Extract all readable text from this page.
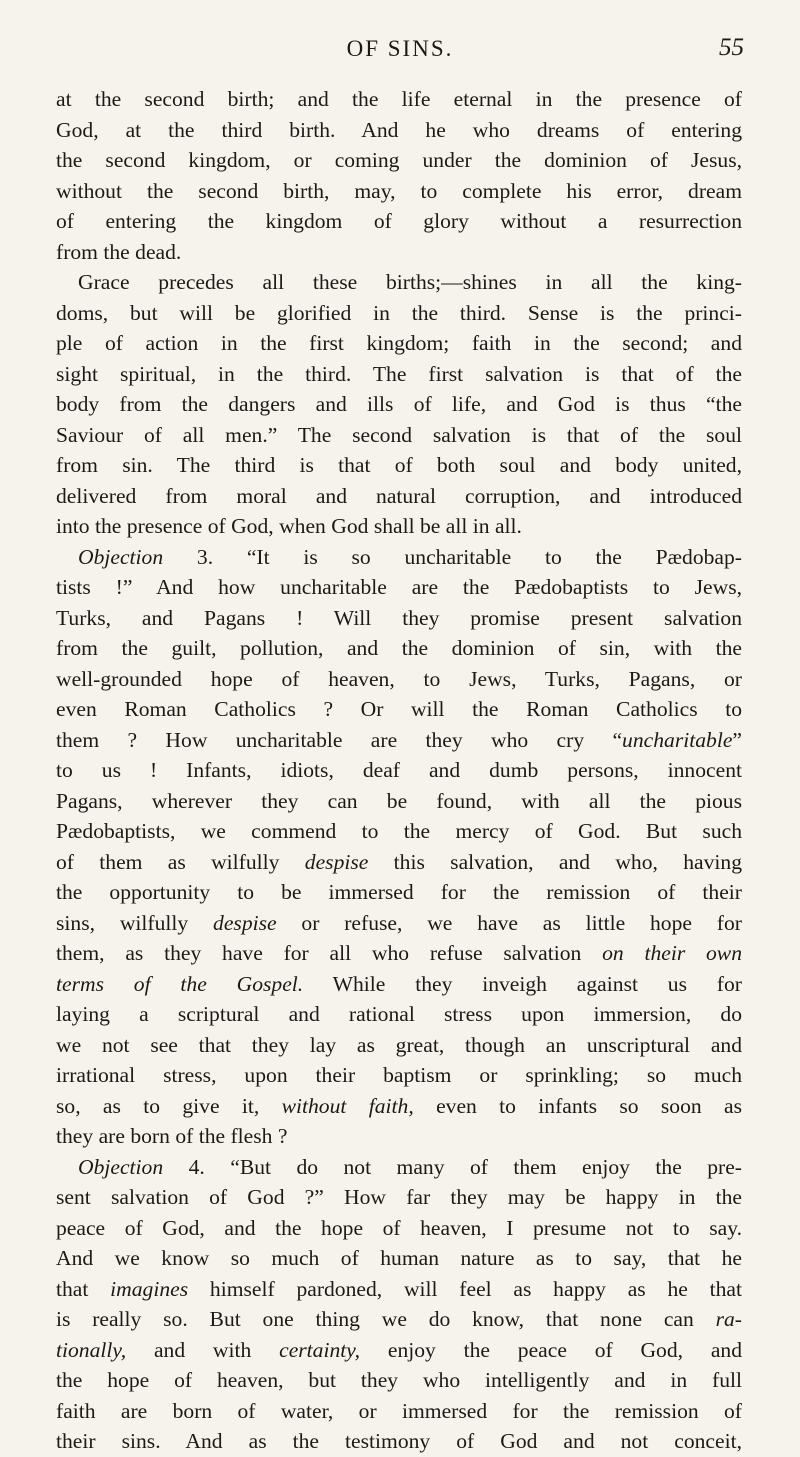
OF SINS.	55
at the second birth; and the life eternal in the presence of
God, at the third birth. And he who dreams of entering
the second kingdom, or coming under the dominion of Jesus,
without the second birth, may, to complete his error, dream
of entering the kingdom of glory without a resurrection
from the dead.
Grace precedes all these births;—shines in all the king-
doms, but will be glorified in the third. Sense is the princi-
ple of action in the first kingdom; faith in the second; and
sight spiritual, in the third. The first salvation is that of the
body from the dangers and ills of life, and God is thus “the
Saviour of all men.” The second salvation is that of the soul
from sin. The third is that of both soul and body united,
delivered from moral and natural corruption, and introduced
into the presence of God, when God shall be all in all.
Objection 3. “It is so uncharitable to the Pædobap-
tists !” And how uncharitable are the Pædobaptists to Jews,
Turks, and Pagans ! Will they promise present salvation
from the guilt, pollution, and the dominion of sin, with the
well-grounded hope of heaven, to Jews, Turks, Pagans, or
even Roman Catholics ? Or will the Roman Catholics to
them ? How uncharitable are they who cry “uncharitable”
to us ! Infants, idiots, deaf and dumb persons, innocent
Pagans, wherever they can be found, with all the pious
Pædobaptists, we commend to the mercy of God. But such
of them as wilfully despise this salvation, and who, having
the opportunity to be immersed for the remission of their
sins, wilfully despise or refuse, we have as little hope for
them, as they have for all who refuse salvation on their own
terms of the Gospel. While they inveigh against us for
laying a scriptural and rational stress upon immersion, do
we not see that they lay as great, though an unscriptural and
irrational stress, upon their baptism or sprinkling; so much
so, as to give it, without faith, even to infants so soon as
they are born of the flesh ?
Objection 4. “But do not many of them enjoy the pre-
sent salvation of God ?” How far they may be happy in the
peace of God, and the hope of heaven, I presume not to say.
And we know so much of human nature as to say, that he
that imagines himself pardoned, will feel as happy as he that
is really so. But one thing we do know, that none can ra-
tionally, and with certainty, enjoy the peace of God, and
the hope of heaven, but they who intelligently and in full
faith are born of water, or immersed for the remission of
their sins. And as the testimony of God and not conceit,
